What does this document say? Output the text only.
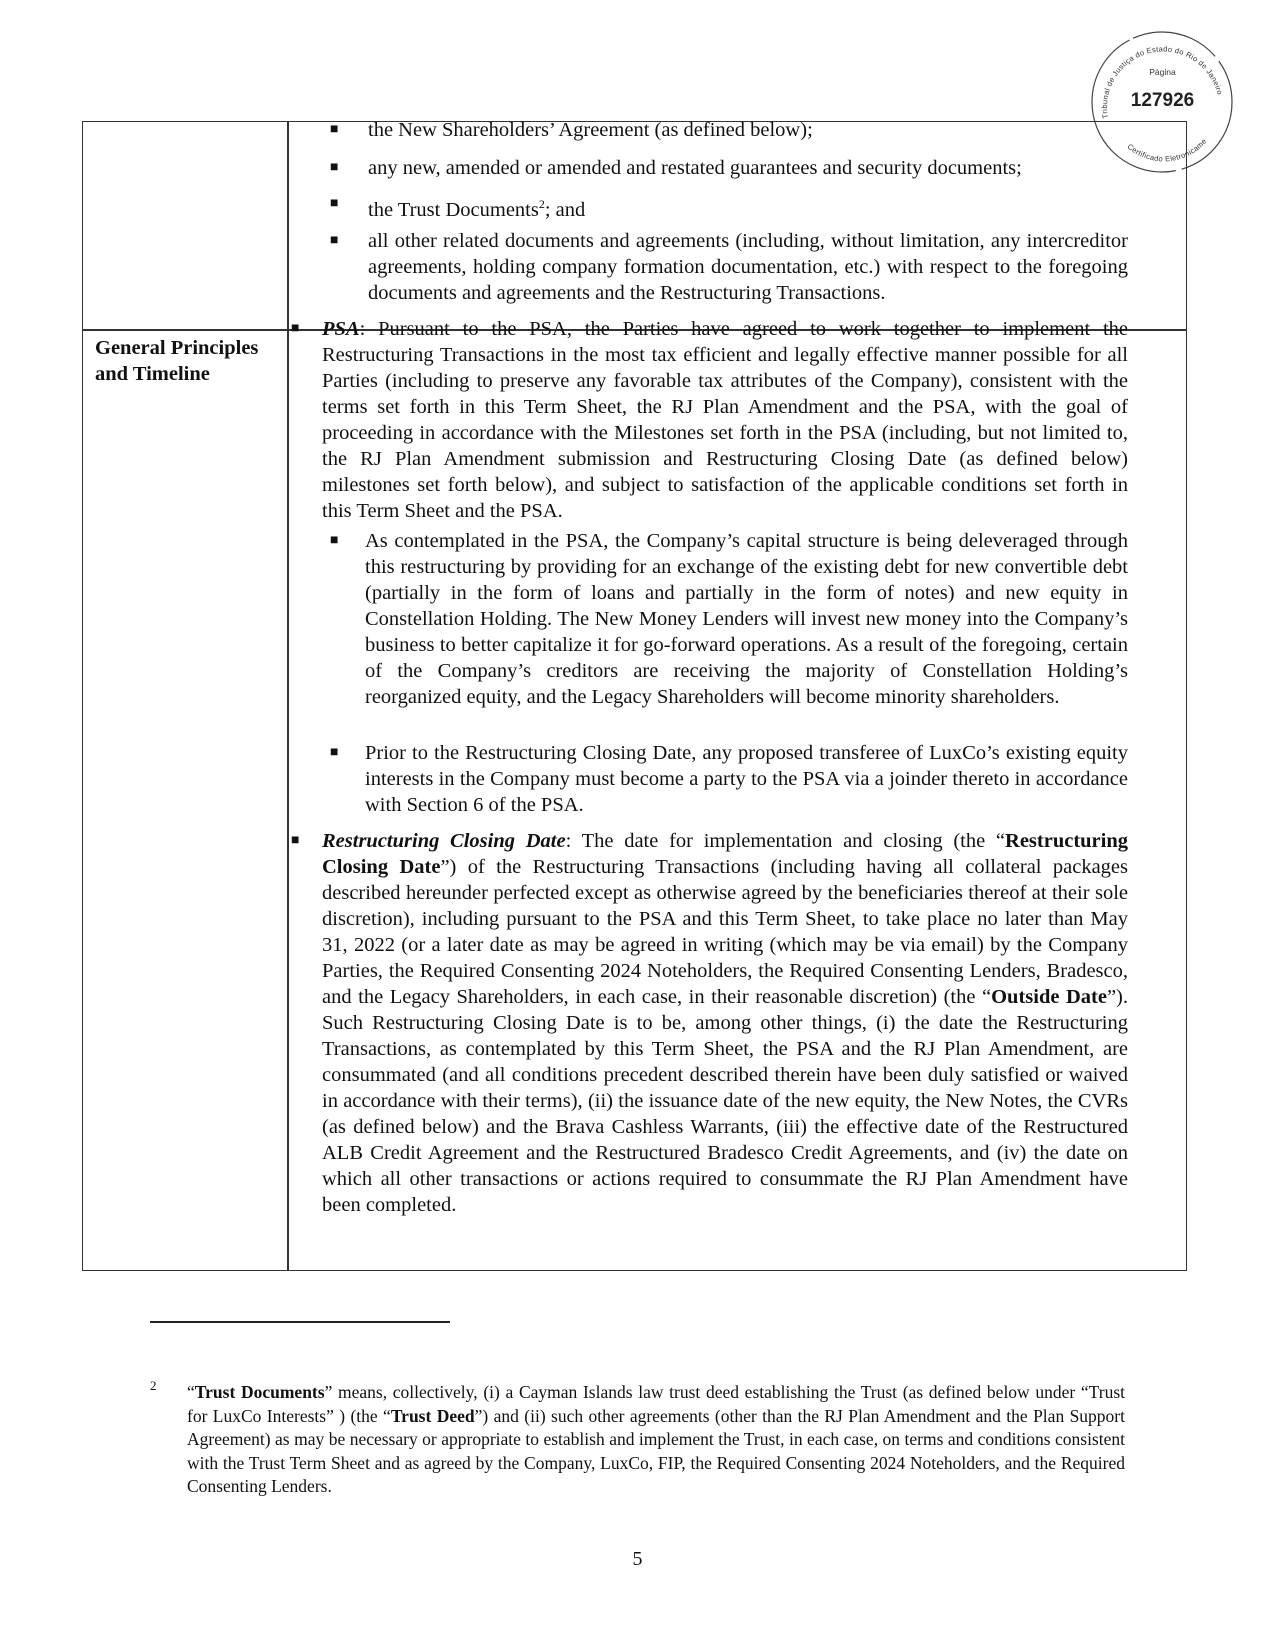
Tribunal de Justiça do Estado do Rio de Janeiro
Certificado Eletronicame
Página
127926
■ the New Shareholders’ Agreement (as defined below);
■ any new, amended or amended and restated guarantees and security documents;
■ the Trust Documents$^2$; and
■ all other related documents and agreements (including, without limitation, any intercreditor agreements, holding company formation documentation, etc.) with respect to the foregoing documents and agreements and the Restructuring Transactions.
General Principles and Timeline
■ PSA: Pursuant to the PSA, the Parties have agreed to work together to implement the Restructuring Transactions in the most tax efficient and legally effective manner possible for all Parties (including to preserve any favorable tax attributes of the Company), consistent with the terms set forth in this Term Sheet, the RJ Plan Amendment and the PSA, with the goal of proceeding in accordance with the Milestones set forth in the PSA (including, but not limited to, the RJ Plan Amendment submission and Restructuring Closing Date (as defined below) milestones set forth below), and subject to satisfaction of the applicable conditions set forth in this Term Sheet and the PSA.
■ As contemplated in the PSA, the Company’s capital structure is being deleveraged through this restructuring by providing for an exchange of the existing debt for new convertible debt (partially in the form of loans and partially in the form of notes) and new equity in Constellation Holding. The New Money Lenders will invest new money into the Company’s business to better capitalize it for go-forward operations. As a result of the foregoing, certain of the Company’s creditors are receiving the majority of Constellation Holding’s reorganized equity, and the Legacy Shareholders will become minority shareholders.
■ Prior to the Restructuring Closing Date, any proposed transferee of LuxCo’s existing equity interests in the Company must become a party to the PSA via a joinder thereto in accordance with Section 6 of the PSA.
■ Restructuring Closing Date: The date for implementation and closing (the “Restructuring Closing Date”) of the Restructuring Transactions (including having all collateral packages described hereunder perfected except as otherwise agreed by the beneficiaries thereof at their sole discretion), including pursuant to the PSA and this Term Sheet, to take place no later than May 31, 2022 (or a later date as may be agreed in writing (which may be via email) by the Company Parties, the Required Consenting 2024 Noteholders, the Required Consenting Lenders, Bradesco, and the Legacy Shareholders, in each case, in their reasonable discretion) (the “Outside Date”). Such Restructuring Closing Date is to be, among other things, (i) the date the Restructuring Transactions, as contemplated by this Term Sheet, the PSA and the RJ Plan Amendment, are consummated (and all conditions precedent described therein have been duly satisfied or waived in accordance with their terms), (ii) the issuance date of the new equity, the New Notes, the CVRs (as defined below) and the Brava Cashless Warrants, (iii) the effective date of the Restructured ALB Credit Agreement and the Restructured Bradesco Credit Agreements, and (iv) the date on which all other transactions or actions required to consummate the RJ Plan Amendment have been completed.
2 “Trust Documents” means, collectively, (i) a Cayman Islands law trust deed establishing the Trust (as defined below under “Trust for LuxCo Interests” ) (the “Trust Deed”) and (ii) such other agreements (other than the RJ Plan Amendment and the Plan Support Agreement) as may be necessary or appropriate to establish and implement the Trust, in each case, on terms and conditions consistent with the Trust Term Sheet and as agreed by the Company, LuxCo, FIP, the Required Consenting 2024 Noteholders, and the Required Consenting Lenders.
5
